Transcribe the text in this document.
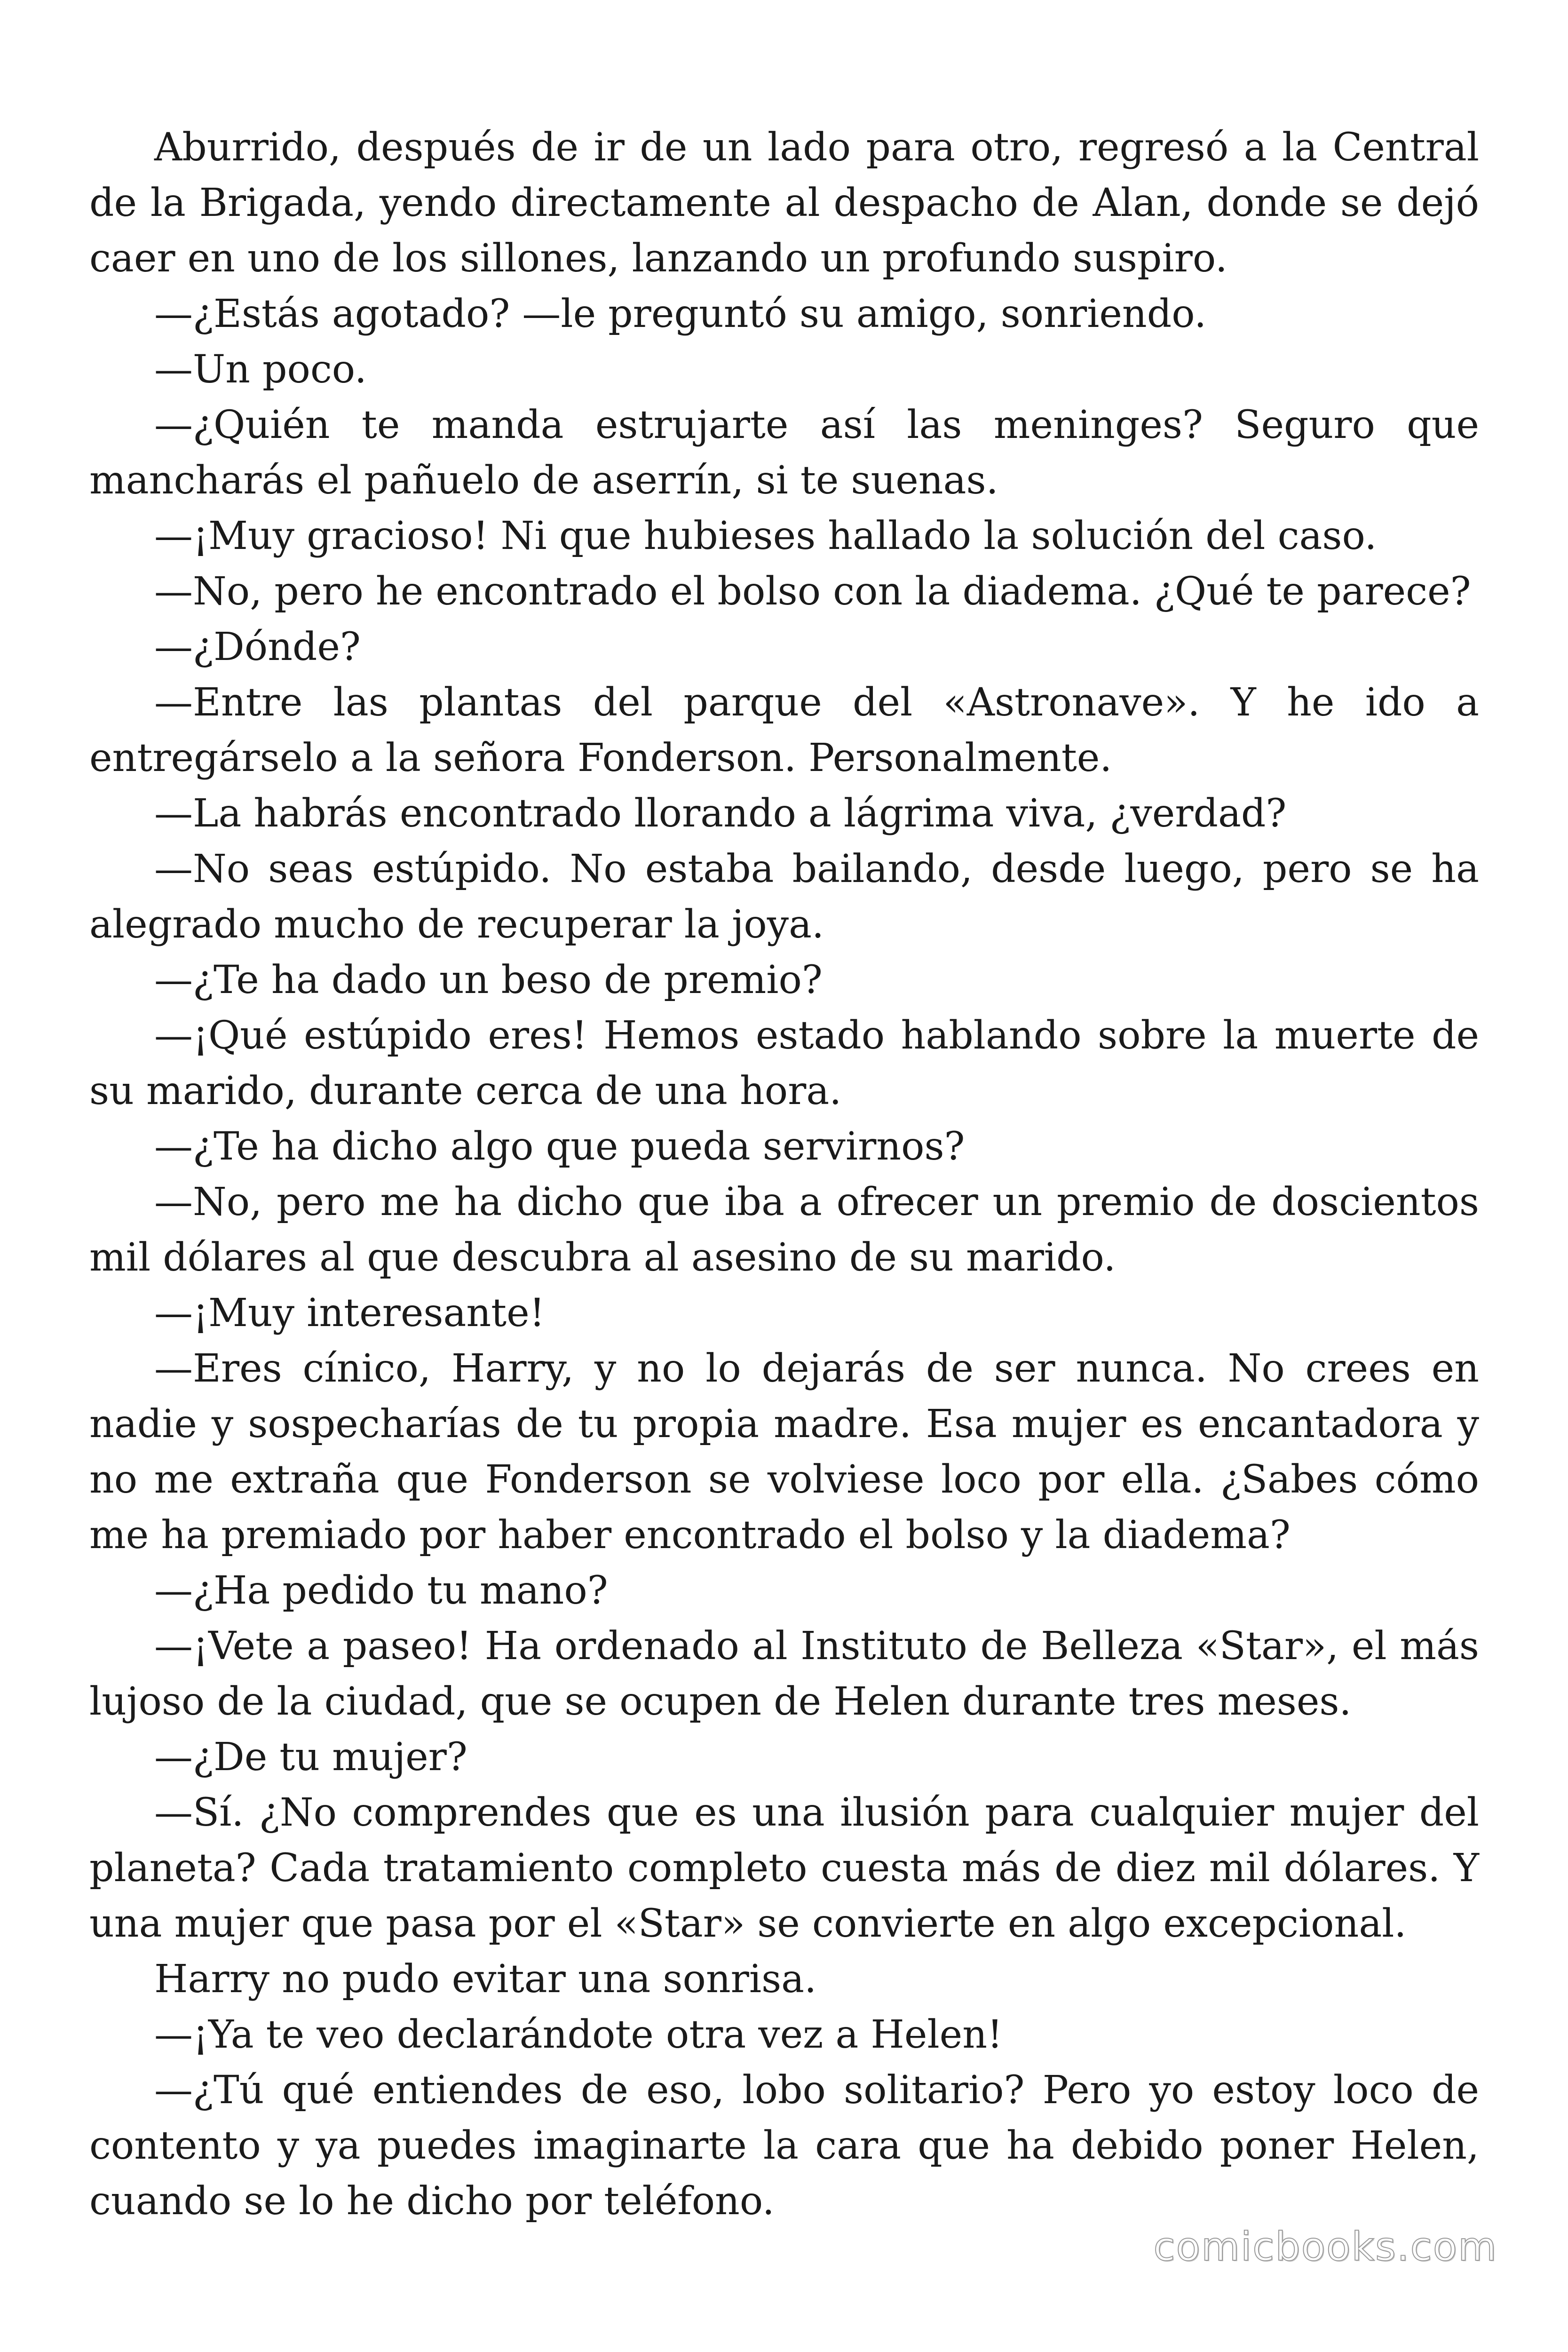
Aburrido, después de ir de un lado para otro, regresó a la Central de la Brigada, yendo directamente al despacho de Alan, donde se dejó caer en uno de los sillones, lanzando un profundo suspiro.

—¿Estás agotado? —le preguntó su amigo, sonriendo.

—Un poco.

—¿Quién te manda estrujarte así las meninges? Seguro que mancharás el pañuelo de aserrín, si te suenas.

—¡Muy gracioso! Ni que hubieses hallado la solución del caso.

—No, pero he encontrado el bolso con la diadema. ¿Qué te parece?

—¿Dónde?

—Entre las plantas del parque del «Astronave». Y he ido a entregárselo a la señora Fonderson. Personalmente.

—La habrás encontrado llorando a lágrima viva, ¿verdad?

—No seas estúpido. No estaba bailando, desde luego, pero se ha alegrado mucho de recuperar la joya.

—¿Te ha dado un beso de premio?

—¡Qué estúpido eres! Hemos estado hablando sobre la muerte de su marido, durante cerca de una hora.

—¿Te ha dicho algo que pueda servirnos?

—No, pero me ha dicho que iba a ofrecer un premio de doscientos mil dólares al que descubra al asesino de su marido.

—¡Muy interesante!

—Eres cínico, Harry, y no lo dejarás de ser nunca. No crees en nadie y sospecharías de tu propia madre. Esa mujer es encantadora y no me extraña que Fonderson se volviese loco por ella. ¿Sabes cómo me ha premiado por haber encontrado el bolso y la diadema?

—¿Ha pedido tu mano?

—¡Vete a paseo! Ha ordenado al Instituto de Belleza «Star», el más lujoso de la ciudad, que se ocupen de Helen durante tres meses.

—¿De tu mujer?

—Sí. ¿No comprendes que es una ilusión para cualquier mujer del planeta? Cada tratamiento completo cuesta más de diez mil dólares. Y una mujer que pasa por el «Star» se convierte en algo excepcional.

Harry no pudo evitar una sonrisa.

—¡Ya te veo declarándote otra vez a Helen!

—¿Tú qué entiendes de eso, lobo solitario? Pero yo estoy loco de contento y ya puedes imaginarte la cara que ha debido poner Helen, cuando se lo he dicho por teléfono.

comicbooks.com
